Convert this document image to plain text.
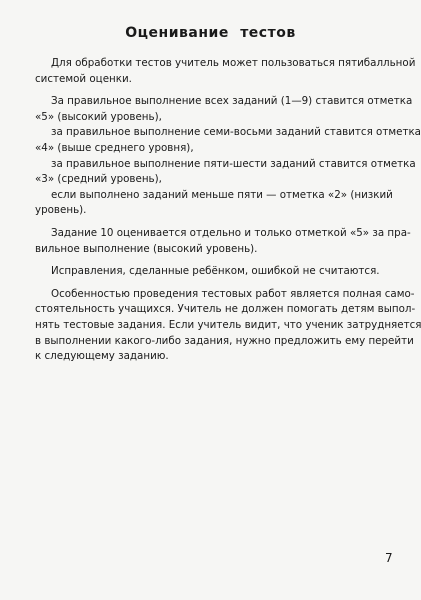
Оценивание тестов
Для обработки тестов учитель может пользоваться пятибалльной
системой оценки.
За правильное выполнение всех заданий (1—9) ставится отметка
«5» (высокий уровень),
за правильное выполнение семи-восьми заданий ставится отметка
«4» (выше среднего уровня),
за правильное выполнение пяти-шести заданий ставится отметка
«3» (средний уровень),
если выполнено заданий меньше пяти — отметка «2» (низкий
уровень).
Задание 10 оценивается отдельно и только отметкой «5» за пра-
вильное выполнение (высокий уровень).
Исправления, сделанные ребёнком, ошибкой не считаются.
Особенностью проведения тестовых работ является полная само-
стоятельность учащихся. Учитель не должен помогать детям выпол-
нять тестовые задания. Если учитель видит, что ученик затрудняется
в выполнении какого-либо задания, нужно предложить ему перейти
к следующему заданию.
7
